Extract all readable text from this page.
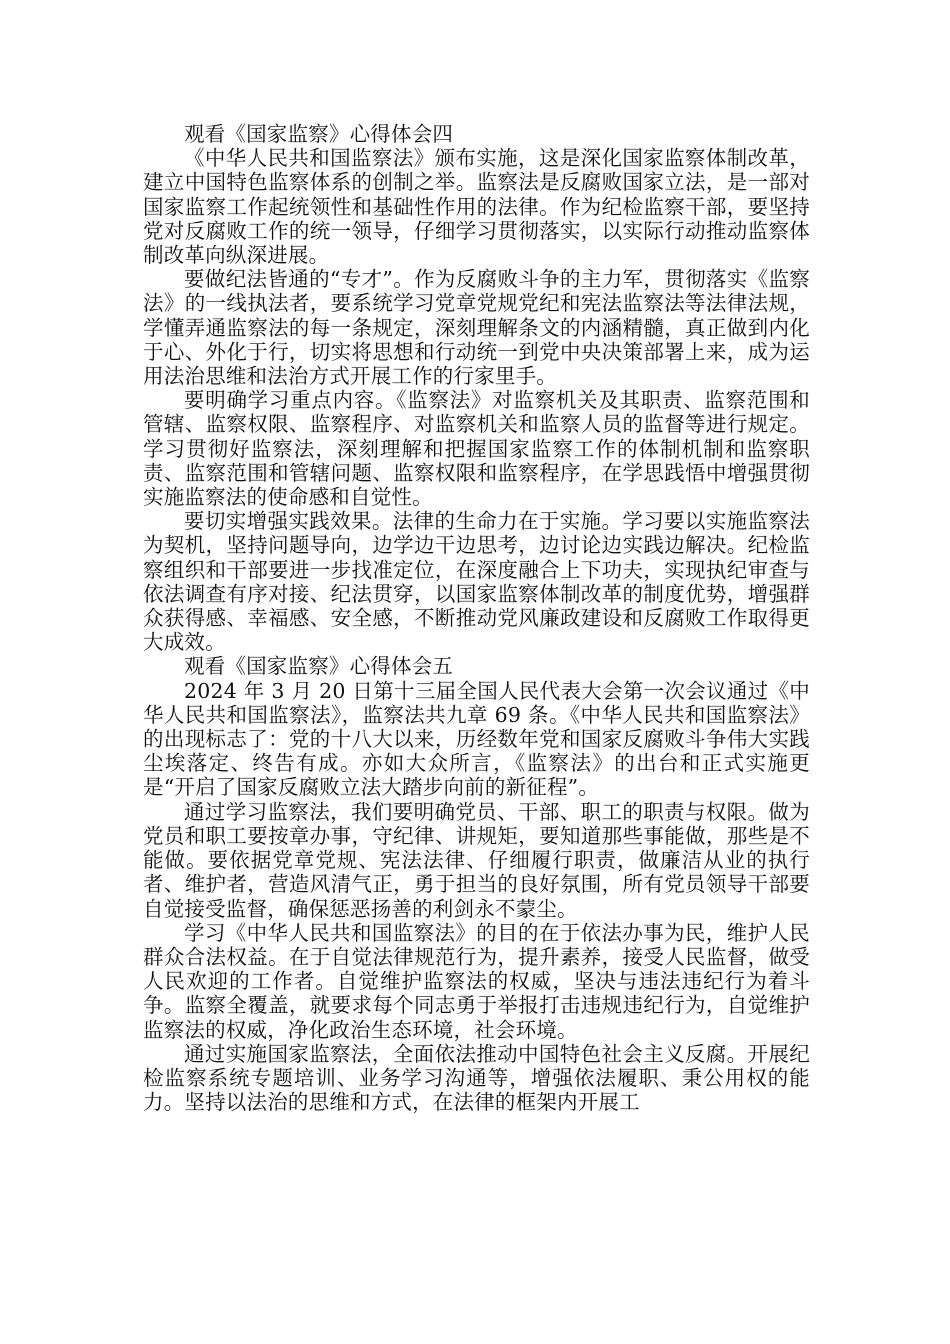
观看《国家监察》心得体会四

《中华人民共和国监察法》颁布实施，这是深化国家监察体制改革，建立中国特色监察体系的创制之举。监察法是反腐败国家立法，是一部对国家监察工作起统领性和基础性作用的法律。作为纪检监察干部，要坚持党对反腐败工作的统一领导，仔细学习贯彻落实，以实际行动推动监察体制改革向纵深进展。

要做纪法皆通的“专才”。作为反腐败斗争的主力军，贯彻落实《监察法》的一线执法者，要系统学习党章党规党纪和宪法监察法等法律法规，学懂弄通监察法的每一条规定，深刻理解条文的内涵精髓，真正做到内化于心、外化于行，切实将思想和行动统一到党中央决策部署上来，成为运用法治思维和法治方式开展工作的行家里手。

要明确学习重点内容。《监察法》对监察机关及其职责、监察范围和管辖、监察权限、监察程序、对监察机关和监察人员的监督等进行规定。学习贯彻好监察法，深刻理解和把握国家监察工作的体制机制和监察职责、监察范围和管辖问题、监察权限和监察程序，在学思践悟中增强贯彻实施监察法的使命感和自觉性。

要切实增强实践效果。法律的生命力在于实施。学习要以实施监察法为契机，坚持问题导向，边学边干边思考，边讨论边实践边解决。纪检监察组织和干部要进一步找准定位，在深度融合上下功夫，实现执纪审查与依法调查有序对接、纪法贯穿，以国家监察体制改革的制度优势，增强群众获得感、幸福感、安全感，不断推动党风廉政建设和反腐败工作取得更大成效。

观看《国家监察》心得体会五

2024 年 3 月 20 日第十三届全国人民代表大会第一次会议通过《中华人民共和国监察法》，监察法共九章 69 条。《中华人民共和国监察法》的出现标志了：党的十八大以来，历经数年党和国家反腐败斗争伟大实践尘埃落定、终告有成。亦如大众所言，《监察法》的出台和正式实施更是“开启了国家反腐败立法大踏步向前的新征程”。

通过学习监察法，我们要明确党员、干部、职工的职责与权限。做为党员和职工要按章办事，守纪律、讲规矩，要知道那些事能做，那些是不能做。要依据党章党规、宪法法律、仔细履行职责，做廉洁从业的执行者、维护者，营造风清气正，勇于担当的良好氛围，所有党员领导干部要自觉接受监督，确保惩恶扬善的利剑永不蒙尘。

学习《中华人民共和国监察法》的目的在于依法办事为民，维护人民群众合法权益。在于自觉法律规范行为，提升素养，接受人民监督，做受人民欢迎的工作者。自觉维护监察法的权威，坚决与违法违纪行为着斗争。监察全覆盖，就要求每个同志勇于举报打击违规违纪行为，自觉维护监察法的权威，净化政治生态环境，社会环境。

通过实施国家监察法，全面依法推动中国特色社会主义反腐。开展纪检监察系统专题培训、业务学习沟通等，增强依法履职、秉公用权的能力。坚持以法治的思维和方式，在法律的框架内开展工
